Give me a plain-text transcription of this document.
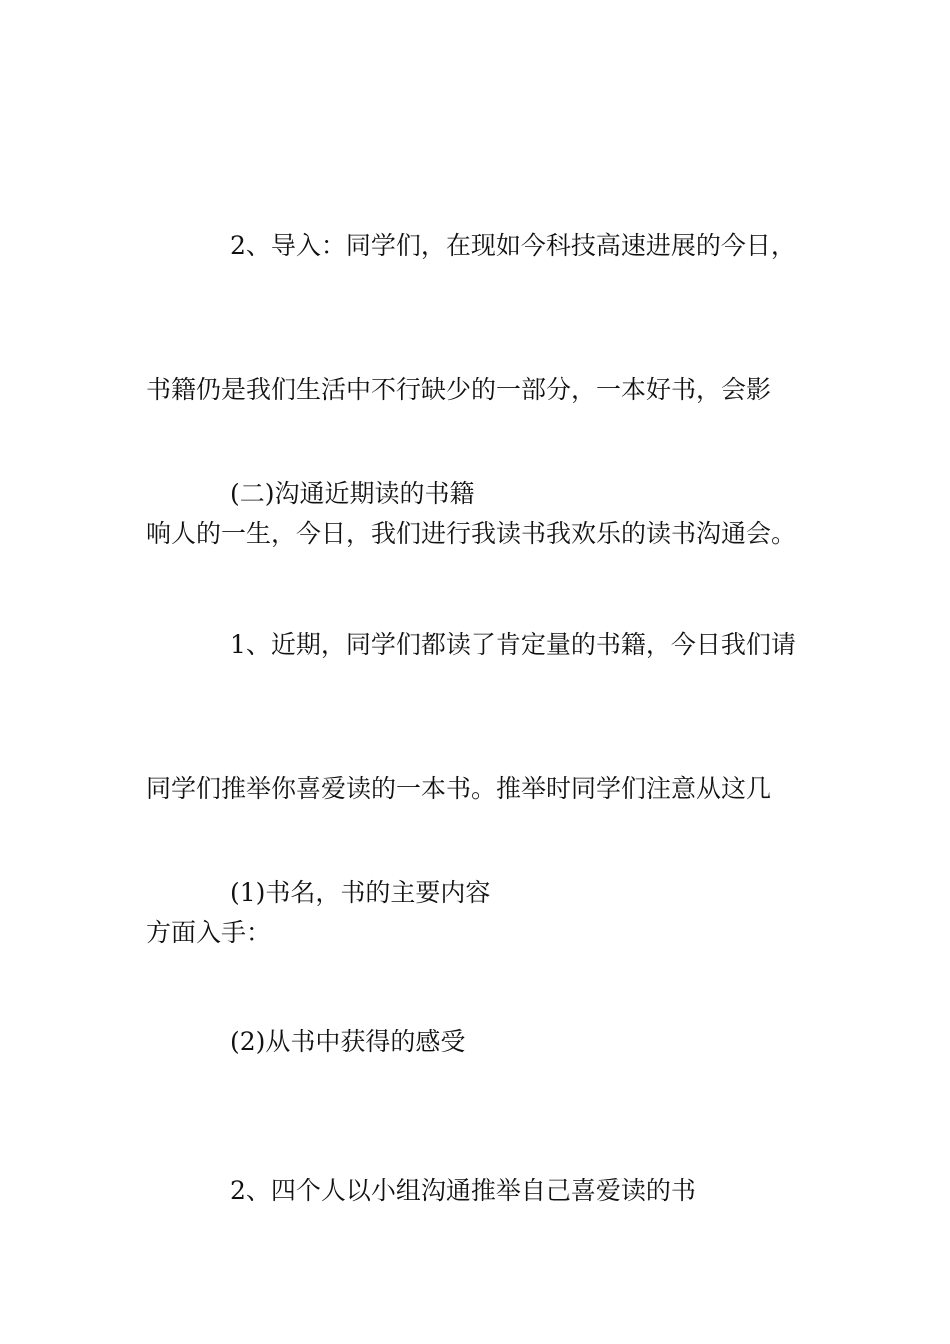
2、导入：同学们，在现如今科技高速进展的今日，

书籍仍是我们生活中不行缺少的一部分，一本好书，会影

响人的一生，今日，我们进行我读书我欢乐的读书沟通会。

(二)沟通近期读的书籍

1、近期，同学们都读了肯定量的书籍，今日我们请

同学们推举你喜爱读的一本书。推举时同学们注意从这几

方面入手：

(1)书名，书的主要内容

(2)从书中获得的感受

2、四个人以小组沟通推举自己喜爱读的书
